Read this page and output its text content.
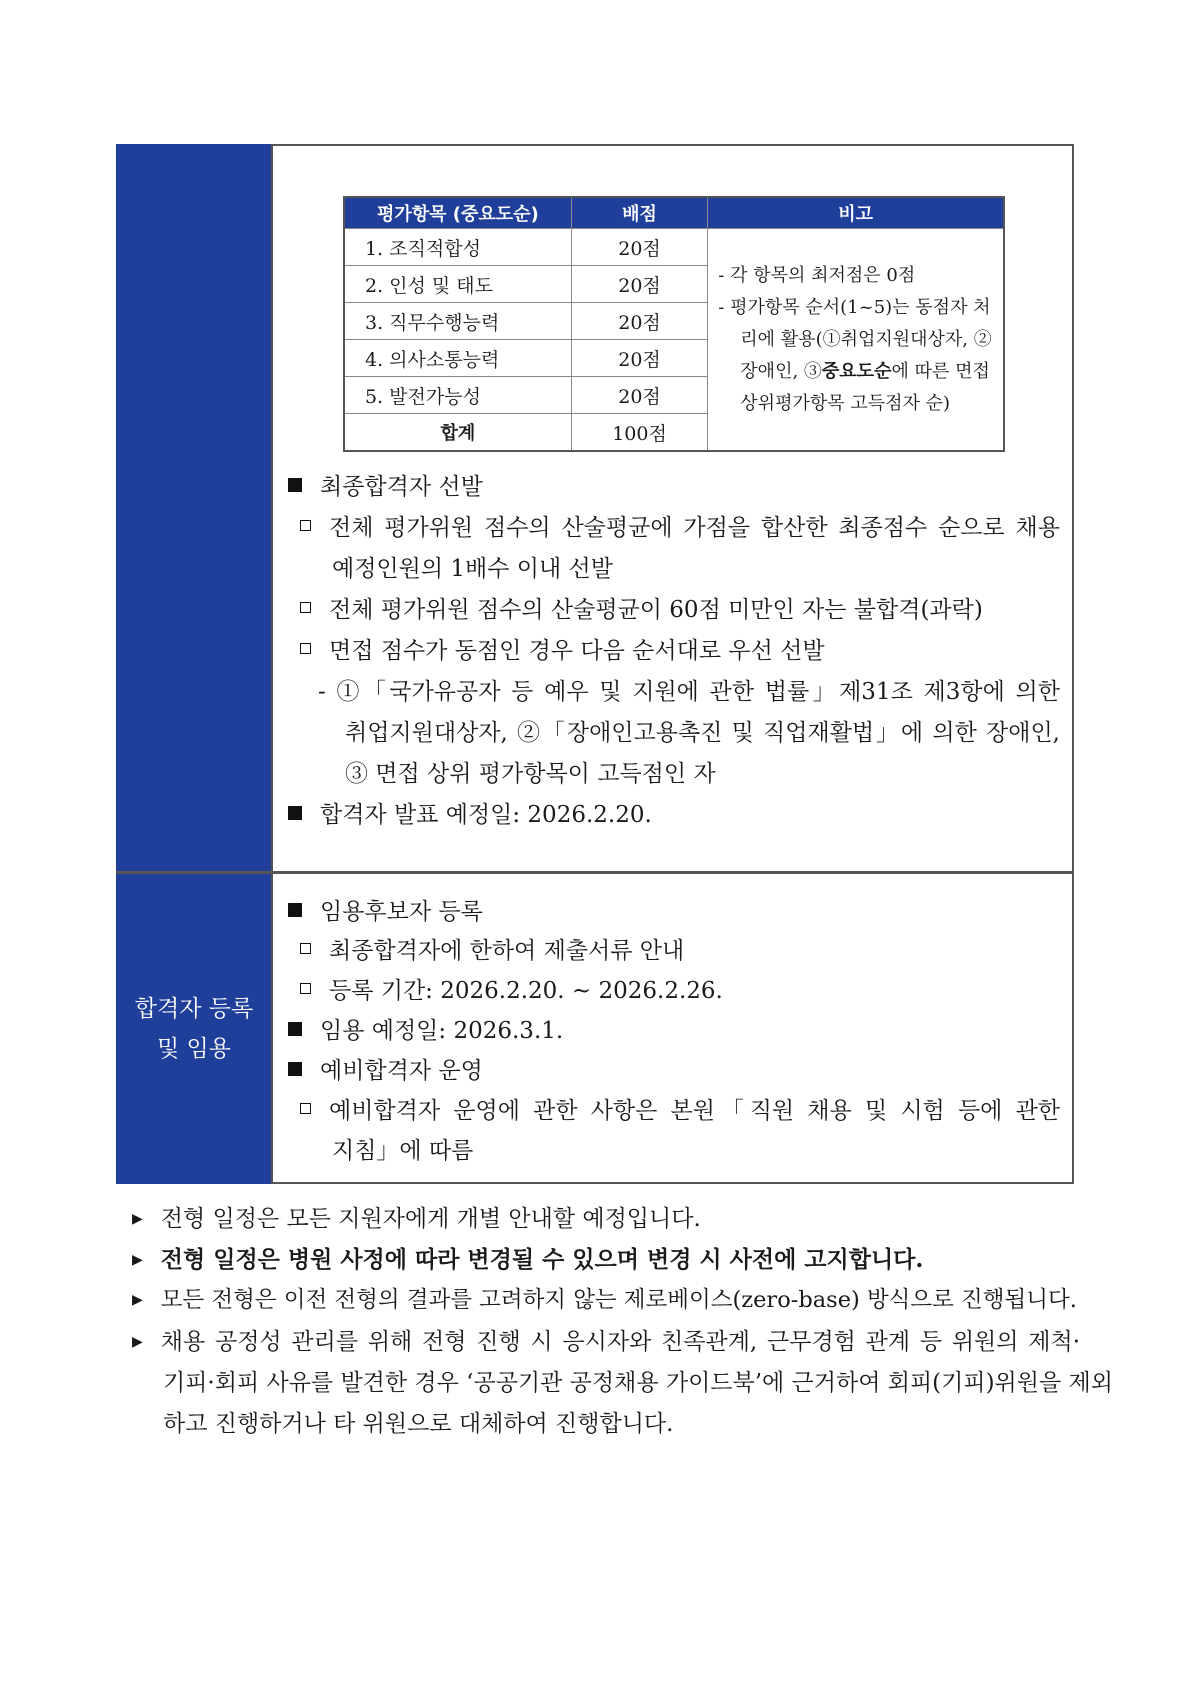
합격자 등록
및 임용
평가항목 (중요도순)	배점	비고
1. 조직적합성	20점	- 각 항목의 최저점은 0점
- 평가항목 순서(1~5)는 동점자 처리에 활용(①취업지원대상자, ②장애인, ③중요도순에 따른 면접 상위평가항목 고득점자 순)

2. 인성 및 태도	20점	
3. 직무수행능력	20점	
4. 의사소통능력	20점	
5. 발전가능성	20점	
합계	100점	
최종합격자 선발
전체 평가위원 점수의 산술평균에 가점을 합산한 최종점수 순으로 채용
예정인원의 1배수 이내 선발
전체 평가위원 점수의 산술평균이 60점 미만인 자는 불합격(과락)
면접 점수가 동점인 경우 다음 순서대로 우선 선발
- ①「국가유공자 등 예우 및 지원에 관한 법률」제31조 제3항에 의한
취업지원대상자, ②「장애인고용촉진 및 직업재활법」에 의한 장애인,
③ 면접 상위 평가항목이 고득점인 자
합격자 발표 예정일: 2026.2.20.
임용후보자 등록
최종합격자에 한하여 제출서류 안내
등록 기간: 2026.2.20. ~ 2026.2.26.
임용 예정일: 2026.3.1.
예비합격자 운영
예비합격자 운영에 관한 사항은 본원「직원 채용 및 시험 등에 관한
지침」에 따름
▶ 전형 일정은 모든 지원자에게 개별 안내할 예정입니다.
▶ 전형 일정은 병원 사정에 따라 변경될 수 있으며 변경 시 사전에 고지합니다.
▶ 모든 전형은 이전 전형의 결과를 고려하지 않는 제로베이스(zero-base) 방식으로 진행됩니다.
▶ 채용 공정성 관리를 위해 전형 진행 시 응시자와 친족관계, 근무경험 관계 등 위원의 제척·
기피·회피 사유를 발견한 경우 ‘공공기관 공정채용 가이드북’에 근거하여 회피(기피)위원을 제외
하고 진행하거나 타 위원으로 대체하여 진행합니다.
